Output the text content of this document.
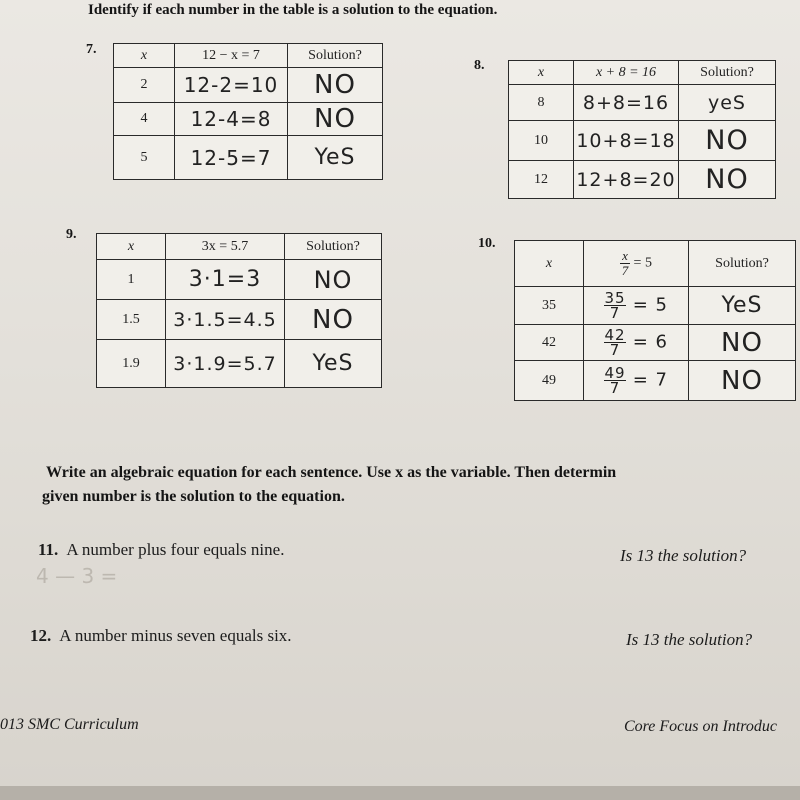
Identify if each number in the table is a solution to the equation.
7.	x	12 − x = 7	Solution?
2	12-2=10	NO
4	12-4=8	NO
5	12-5=7	YeS
8.	x	x + 8 = 16	Solution?
8	8+8=16	yeS
10	10+8=18	NO
12	12+8=20	NO
9.
x	3x = 5.7	Solution?
1	3·1=3	NO
1.5	3·1.5=4.5	NO
1.9	3·1.9=5.7	YeS
10.
x	$\frac{x}{7} = 5$	Solution?
35	$\frac{35}{7} = 5$	YeS
42	$\frac{42}{7} = 6$	NO
49	$\frac{49}{7} = 7$	NO
Write an algebraic equation for each sentence. Use x as the variable. Then determin
given number is the solution to the equation.
11. A number plus four equals nine.	Is 13 the solution?
4 — 3 =
12. A number minus seven equals six.	Is 13 the solution?
013 SMC Curriculum	Core Focus on Introduc
